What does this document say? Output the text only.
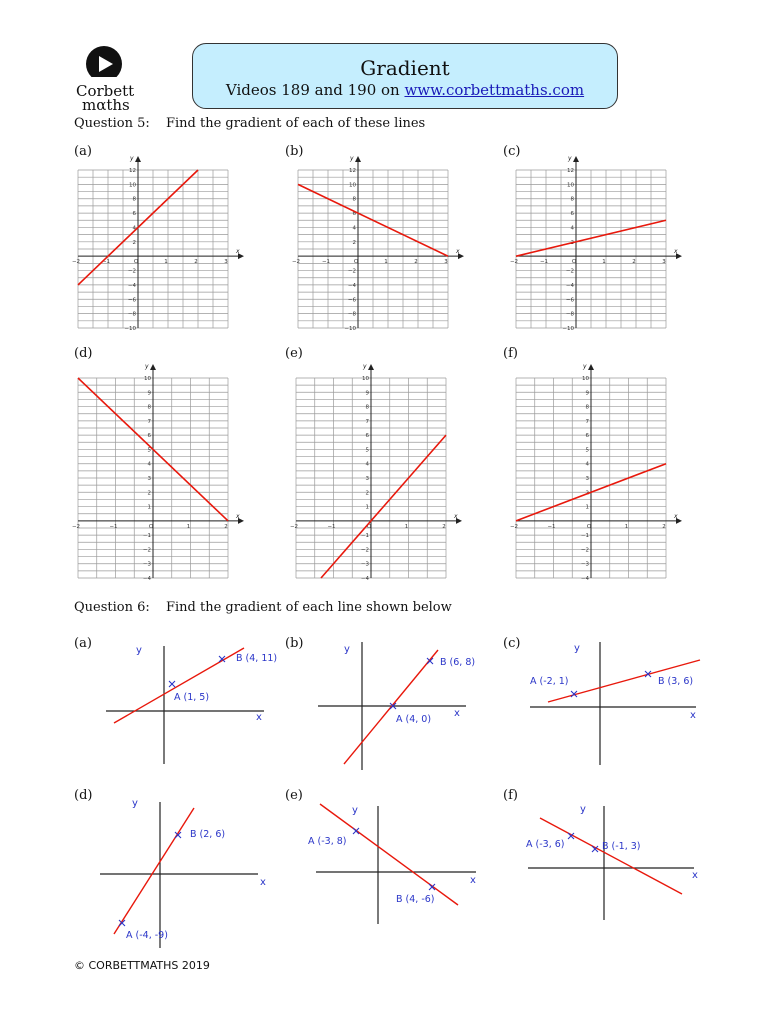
Corbett
mαths
Gradient
Videos 189 and 190 on www.corbettmaths.com
Question 5: Find the gradient of each of these lines
(a)
x
y
−2	−1	O	1	2	3
12
10
8
6
4
2
−2
−4
−6
−8
−10
(b)
x
y
−2	−1	O	1	2	3
12
10
8
6
4
2
−2
−4
−6
−8
−10
(c)
x
y
−2	−1	O	1	2	3
12
10
8
6
4
−2
−4
−6
−8
−10
(d)
x
y
−2	−1	O	1	2
10
9
8
7
6
5
4
3
2
1
−1
−2
−3
−4
(e)
x
y
−2	−1	O	1	2
10
9
8
7
6
5
4
3
2
1
−1
−2
−3
−4
(f)
x
y
−2	−1	O	1	2
10
9
8
7
6
5
4
3
1
−1
−2
−3
−4
Question 6: Find the gradient of each line shown below
(a)	y
x
A (1, 5)
B (4, 11)
(b)	y
x
A (4, 0)
B (6, 8)
(c)	y
x
A (-2, 1)	B (3, 6)
(d)
y
x
A (-4, -9)
B (2, 6)
(e)
y
x
A (-3, 8)
B (4, -6)
(f)
y
x
A (-3, 6)	B (-1, 3)
© CORBETTMATHS 2019
